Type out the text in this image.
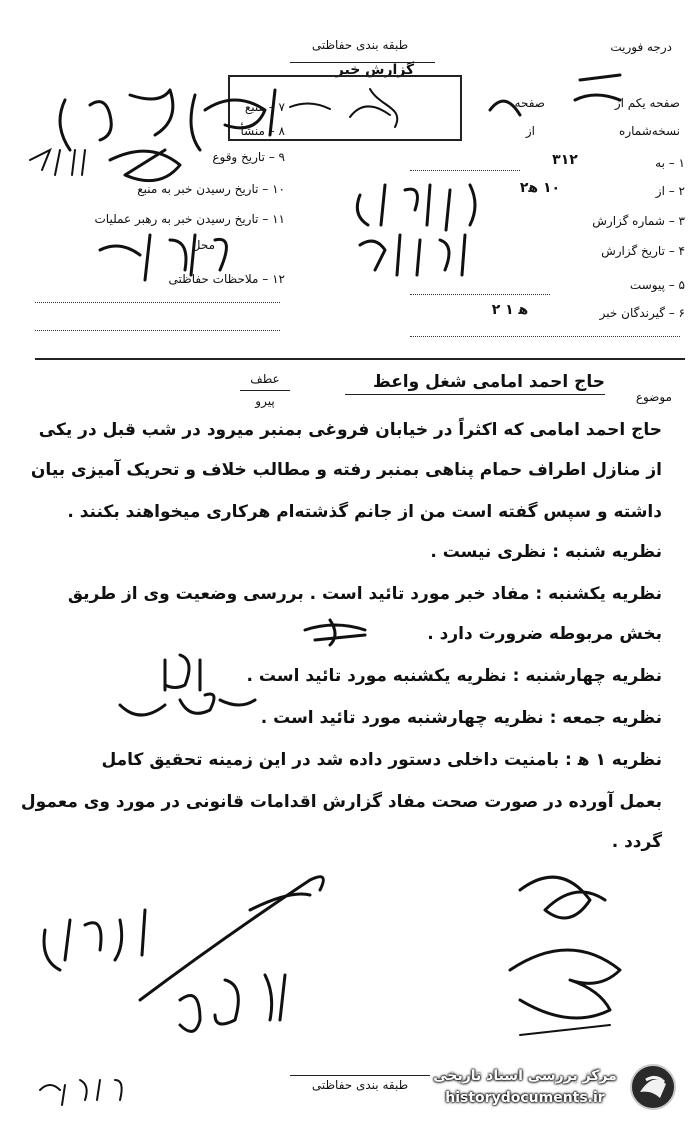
طبقه بندی حفاظتی	درجه فوریت
گزارش خبر
صفحه یکم از
صفحه
نسخه‌شماره
از
۷ – منبع
۸ – منشأ
۹ – تاریخ وقوع
۱۰ – تاریخ رسیدن خبر به منبع
۱۱ – تاریخ رسیدن خبر به رهبر عملیات
محل
۱۲ – ملاحظات حفاظتی
۱ – به
۳۱۲
۲ – از
۱۰ ه‍۲
۳ – شماره گزارش
۴ – تاریخ گزارش
۵ – پیوست
۶ – گیرندگان خبر
ه‍ ۱ ۲
عطف
پیرو	موضوع
حاج احمد امامی شغل واعظ
حاج احمد امامی که اکثراً در خیابان فروغی بمنبر میرود در شب قبل در یکی
از منازل اطراف حمام پناهی بمنبر رفته و مطالب خلاف و تحریک آمیزی بیان
داشته و سپس گفته است من از جانم گذشته‌ام هرکاری میخواهند بکنند .
نظریه شنبه : نظری نیست .
نظریه یکشنبه : مفاد خبر مورد تائید است . بررسی وضعیت وی از طریق
بخش مربوطه ضرورت دارد .
نظریه چهارشنبه : نظریه یکشنبه مورد تائید است .
نظریه جمعه : نظریه چهارشنبه مورد تائید است .
نظریه ۱ ه‍ : بامنیت داخلی دستور داده شد در این زمینه تحقیق کامل
بعمل آورده در صورت صحت مفاد گزارش اقدامات قانونی در مورد وی معمول
گردد .
طبقه بندی حفاظتی
مرکز بررسی اسناد تاریخی
historydocuments.ir
